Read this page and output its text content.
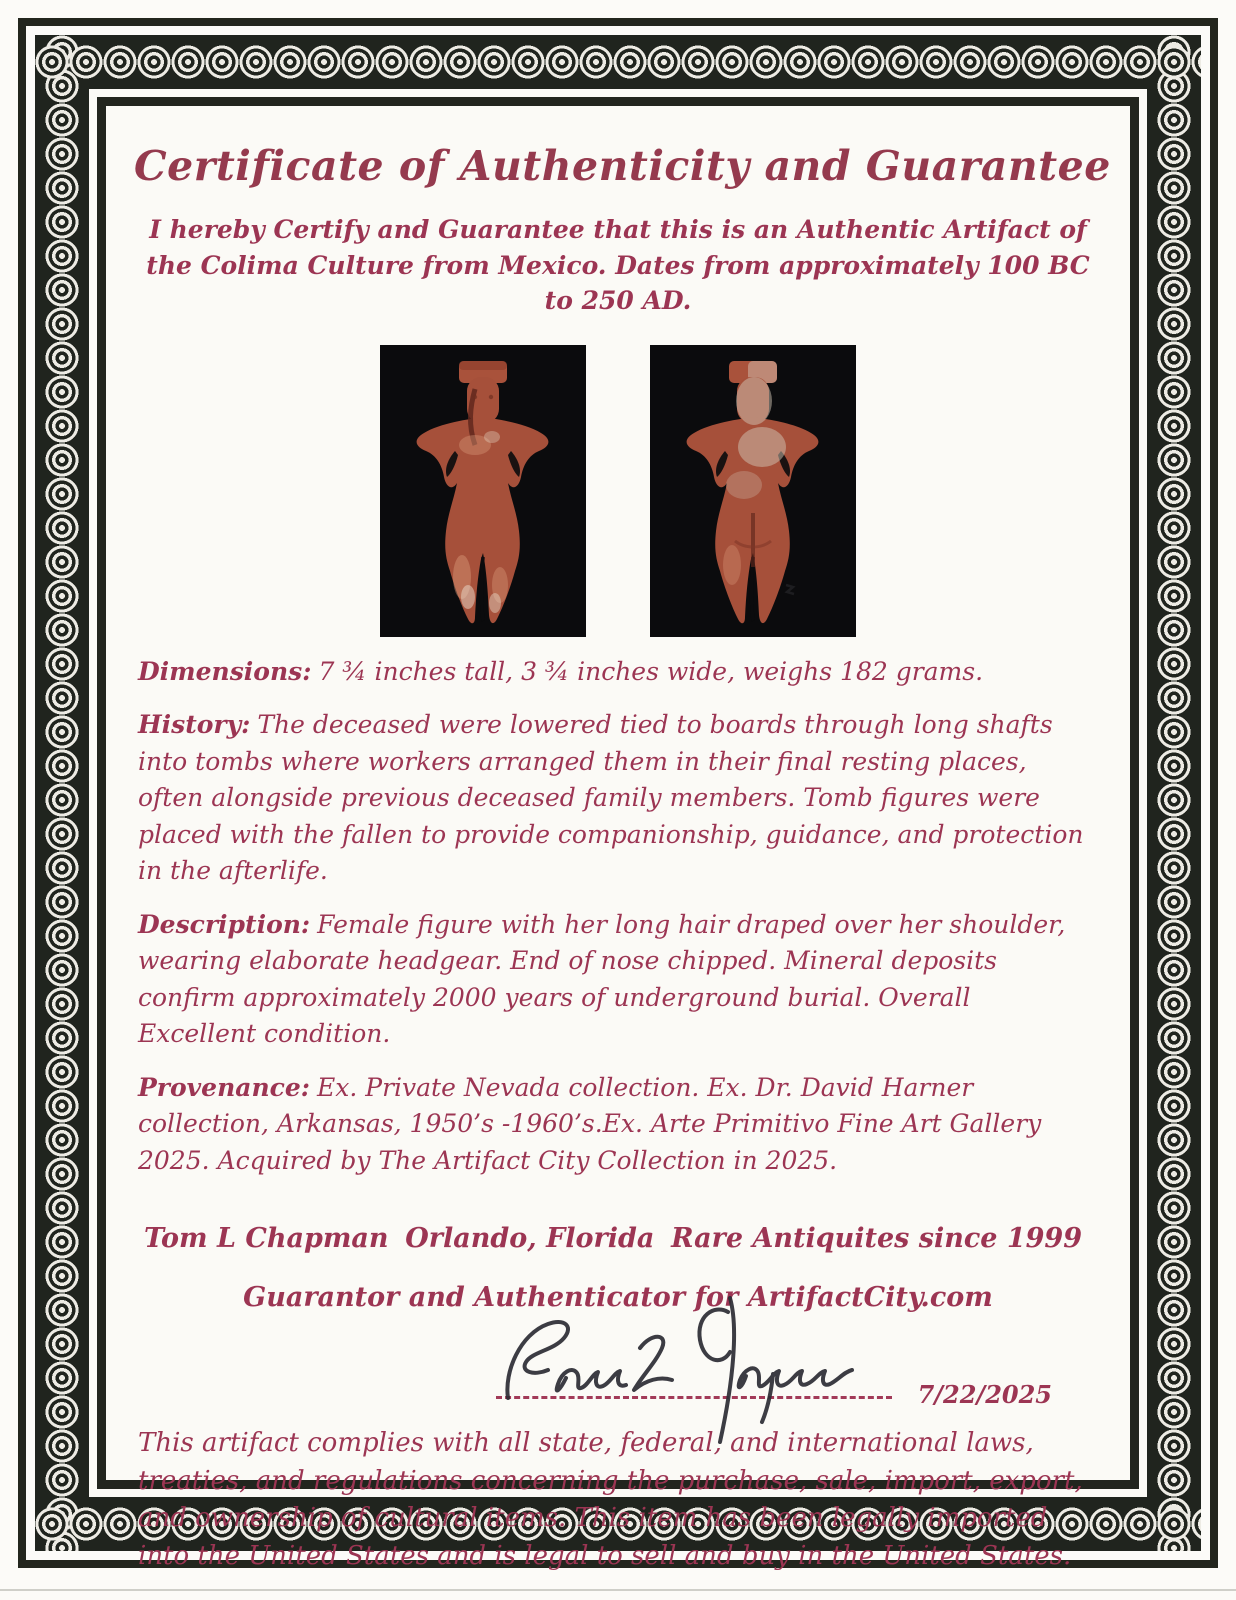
Certificate of Authenticity and Guarantee

I hereby Certify and Guarantee that this is an Authentic Artifact of the Colima Culture from Mexico. Dates from approximately 100 BC to 250 AD.

Dimensions: 7 ¾ inches tall, 3 ¾ inches wide, weighs 182 grams.

History: The deceased were lowered tied to boards through long shafts into tombs where workers arranged them in their final resting places, often alongside previous deceased family members. Tomb figures were placed with the fallen to provide companionship, guidance, and protection in the afterlife.

Description: Female figure with her long hair draped over her shoulder, wearing elaborate headgear. End of nose chipped. Mineral deposits confirm approximately 2000 years of underground burial. Overall Excellent condition.

Provenance: Ex. Private Nevada collection. Ex. Dr. David Harner collection, Arkansas, 1950’s -1960’s.Ex. Arte Primitivo Fine Art Gallery 2025. Acquired by The Artifact City Collection in 2025.

Tom L Chapman Orlando, Florida Rare Antiquites since 1999

Guarantor and Authenticator for ArtifactCity.com

7/22/2025

This artifact complies with all state, federal, and international laws, treaties, and regulations concerning the purchase, sale, import, export, and ownership of cultural items. This item has been legally imported into the United States and is legal to sell and buy in the United States.
